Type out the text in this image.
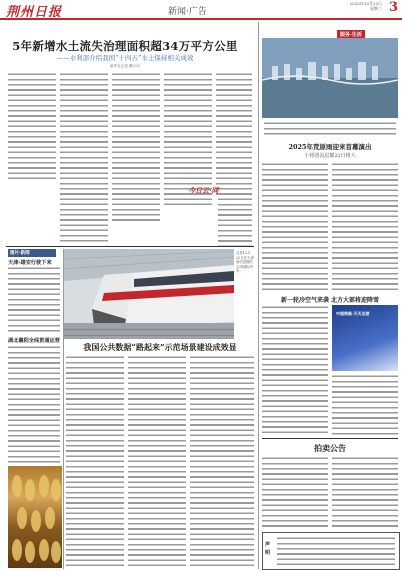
荆州日报	新闻·广告
2025年12月23日
星期二 3
5年新增水土流失治理面积超34万平方公里
——水利部介绍我国“十四五”水土保持相关成效
新华社记者 戴小河
今日云·网
图片·新闻
天津-雄安行驶下来
湖北襄阳全线贯通运营
这是12月22日在天津西站拍摄的京津城际列车。
我国公共数据“路起来”示范场景建设成效显
服务·生活
2025年荒原雨迎来首幕演出
小将团流星耀22日极大
新一轮冷空气来袭 北方大部将迎降雪
中国铁路·天天出游
拍卖公告
声明
